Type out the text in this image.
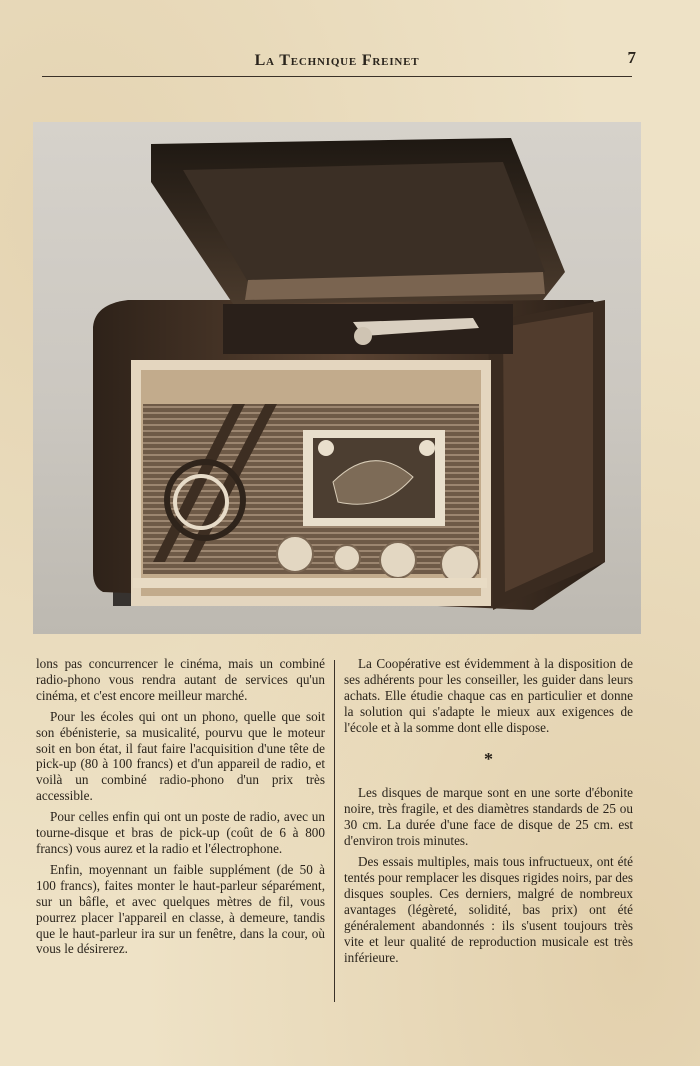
La Technique Freinet	7

lons pas concurrencer le cinéma, mais un combiné radio-phono vous rendra autant de services qu'un cinéma, et c'est encore meilleur marché.

Pour les écoles qui ont un phono, quelle que soit son ébénisterie, sa musicalité, pourvu que le moteur soit en bon état, il faut faire l'acquisition d'une tête de pick-up (80 à 100 francs) et d'un appareil de radio, et voilà un combiné radio-phono d'un prix très accessible.

Pour celles enfin qui ont un poste de radio, avec un tourne-disque et bras de pick-up (coût de 6 à 800 francs) vous aurez et la radio et l'électrophone.

Enfin, moyennant un faible supplément (de 50 à 100 francs), faites monter le haut-parleur séparément, sur un bâfle, et avec quelques mètres de fil, vous pourrez placer l'appareil en classe, à demeure, tandis que le haut-parleur ira sur un fenêtre, dans la cour, où vous le désirerez.

La Coopérative est évidemment à la disposition de ses adhérents pour les conseiller, les guider dans leurs achats. Elle étudie chaque cas en particulier et donne la solution qui s'adapte le mieux aux exigences de l'école et à la somme dont elle dispose.

*

Les disques de marque sont en une sorte d'ébonite noire, très fragile, et des diamètres standards de 25 ou 30 cm. La durée d'une face de disque de 25 cm. est d'environ trois minutes.

Des essais multiples, mais tous infructueux, ont été tentés pour remplacer les disques rigides noirs, par des disques souples. Ces derniers, malgré de nombreux avantages (légèreté, solidité, bas prix) ont été généralement abandonnés : ils s'usent toujours très vite et leur qualité de reproduction musicale est très inférieure.
